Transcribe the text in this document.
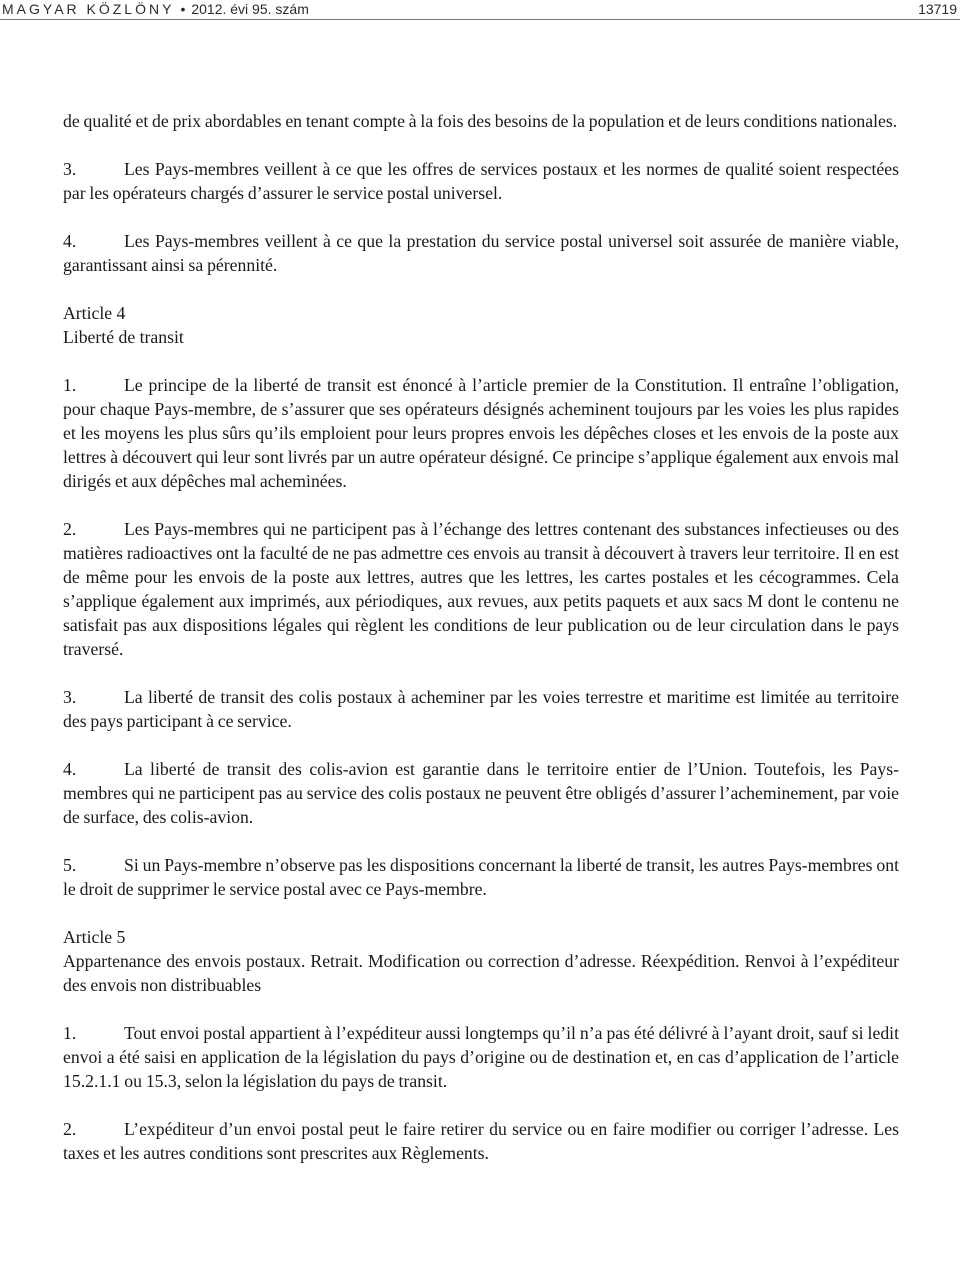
MAGYAR KÖZLÖNY • 2012. évi 95. szám	13719

de qualité et de prix abordables en tenant compte à la fois des besoins de la population et de leurs conditions nationales.

3.	Les Pays-membres veillent à ce que les offres de services postaux et les normes de qualité soient respectées par les opérateurs chargés d’assurer le service postal universel.

4.	Les Pays-membres veillent à ce que la prestation du service postal universel soit assurée de manière viable, garantissant ainsi sa pérennité.

Article 4
Liberté de transit

1.	Le principe de la liberté de transit est énoncé à l’article premier de la Constitution. Il entraîne l’obligation, pour chaque Pays-membre, de s’assurer que ses opérateurs désignés acheminent toujours par les voies les plus rapides et les moyens les plus sûrs qu’ils emploient pour leurs propres envois les dépêches closes et les envois de la poste aux lettres à découvert qui leur sont livrés par un autre opérateur désigné. Ce principe s’applique également aux envois mal dirigés et aux dépêches mal acheminées.

2.	Les Pays-membres qui ne participent pas à l’échange des lettres contenant des substances infectieuses ou des matières radioactives ont la faculté de ne pas admettre ces envois au transit à découvert à travers leur territoire. Il en est de même pour les envois de la poste aux lettres, autres que les lettres, les cartes postales et les cécogrammes. Cela s’applique également aux imprimés, aux périodiques, aux revues, aux petits paquets et aux sacs M dont le contenu ne satisfait pas aux dispositions légales qui règlent les conditions de leur publication ou de leur circulation dans le pays traversé.

3.	La liberté de transit des colis postaux à acheminer par les voies terrestre et maritime est limitée au territoire des pays participant à ce service.

4.	La liberté de transit des colis-avion est garantie dans le territoire entier de l’Union. Toutefois, les Pays-membres qui ne participent pas au service des colis postaux ne peuvent être obligés d’assurer l’acheminement, par voie de surface, des colis-avion.

5.	Si un Pays-membre n’observe pas les dispositions concernant la liberté de transit, les autres Pays-membres ont le droit de supprimer le service postal avec ce Pays-membre.

Article 5
Appartenance des envois postaux. Retrait. Modification ou correction d’adresse. Réexpédition. Renvoi à l’expéditeur des envois non distribuables

1.	Tout envoi postal appartient à l’expéditeur aussi longtemps qu’il n’a pas été délivré à l’ayant droit, sauf si ledit envoi a été saisi en application de la législation du pays d’origine ou de destination et, en cas d’application de l’article 15.2.1.1 ou 15.3, selon la législation du pays de transit.

2.	L’expéditeur d’un envoi postal peut le faire retirer du service ou en faire modifier ou corriger l’adresse. Les taxes et les autres conditions sont prescrites aux Règlements.
